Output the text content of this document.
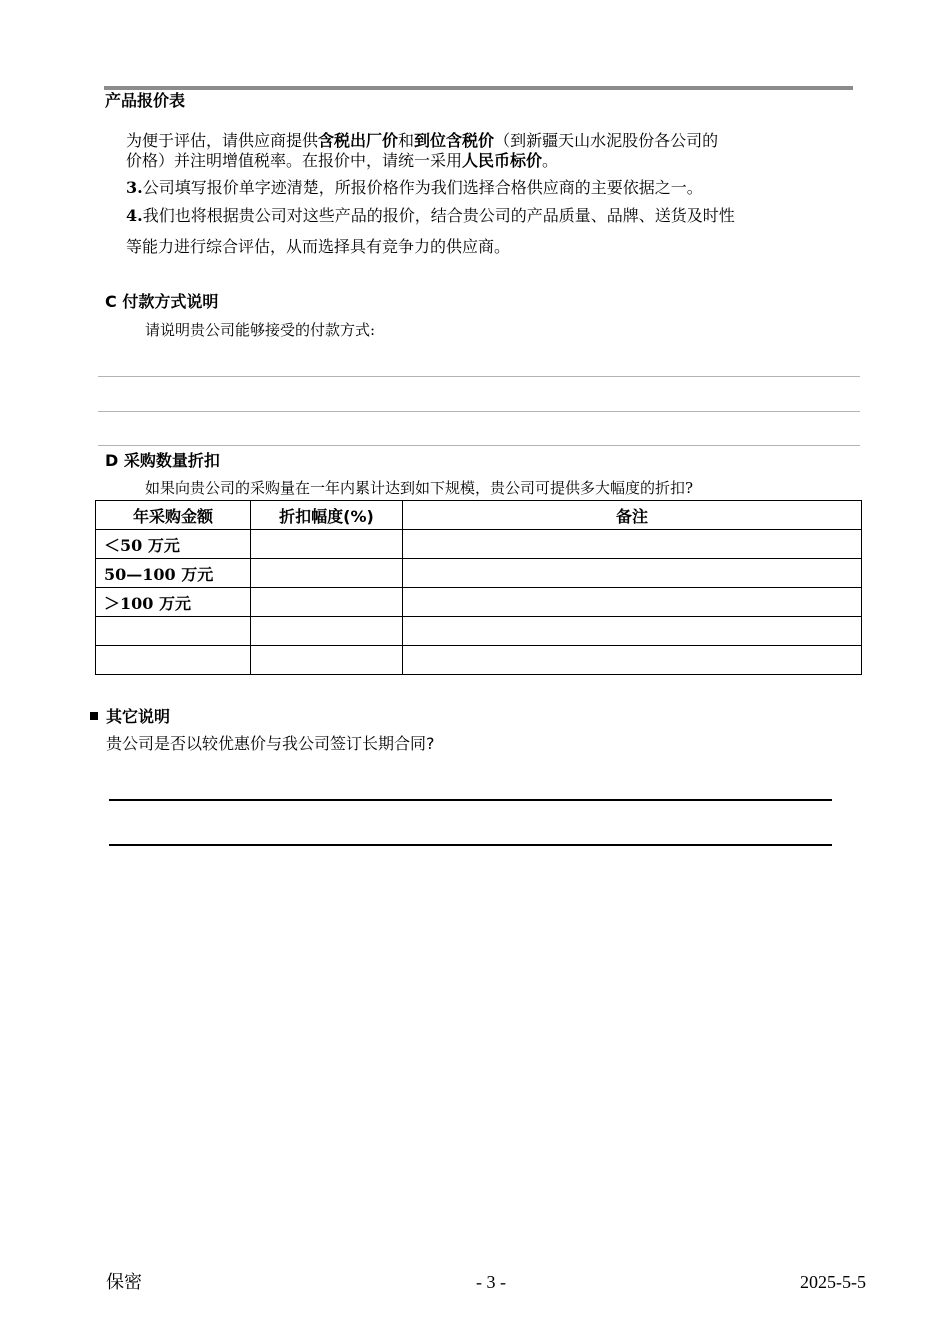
产品报价表
为便于评估，请供应商提供含税出厂价和到位含税价（到新疆天山水泥股份各公司的
价格）并注明增值税率。在报价中，请统一采用人民币标价。
3.公司填写报价单字迹清楚，所报价格作为我们选择合格供应商的主要依据之一。
4.我们也将根据贵公司对这些产品的报价，结合贵公司的产品质量、品牌、送货及时性
等能力进行综合评估，从而选择具有竞争力的供应商。
C 付款方式说明
请说明贵公司能够接受的付款方式:
D 采购数量折扣
如果向贵公司的采购量在一年内累计达到如下规模，贵公司可提供多大幅度的折扣?
年采购金额	折扣幅度(%)	备注
＜50 万元		
50—100 万元		
＞100 万元		

其它说明
贵公司是否以较优惠价与我公司签订长期合同?
保密	- 3 -	2025-5-5
